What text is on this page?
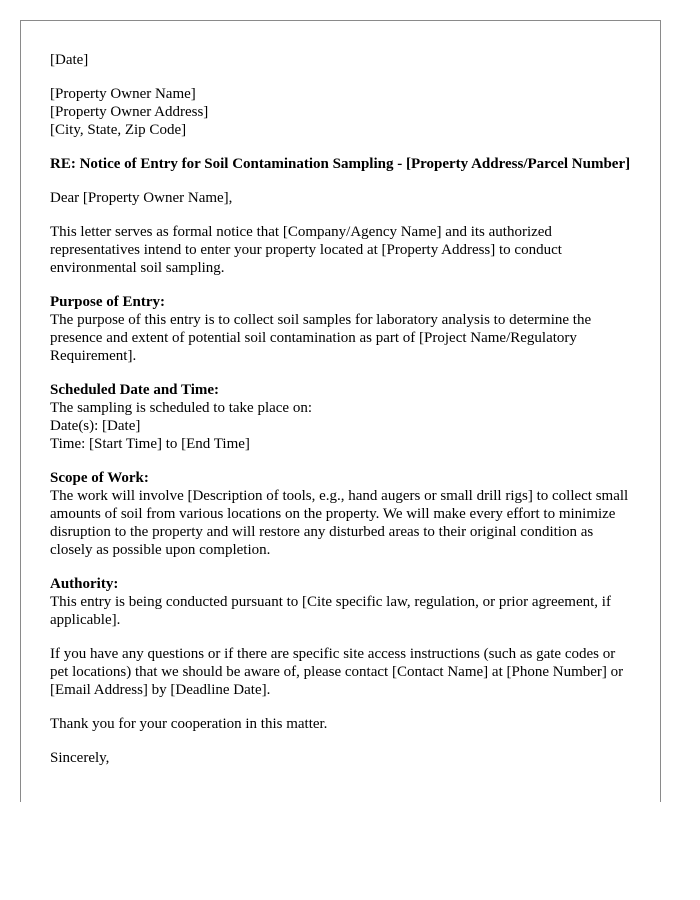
[Date]

[Property Owner Name]
[Property Owner Address]
[City, State, Zip Code]

RE: Notice of Entry for Soil Contamination Sampling - [Property Address/Parcel Number]

Dear [Property Owner Name],

This letter serves as formal notice that [Company/Agency Name] and its authorized representatives intend to enter your property located at [Property Address] to conduct environmental soil sampling.

Purpose of Entry:
The purpose of this entry is to collect soil samples for laboratory analysis to determine the presence and extent of potential soil contamination as part of [Project Name/Regulatory Requirement].

Scheduled Date and Time:
The sampling is scheduled to take place on:
Date(s): [Date]
Time: [Start Time] to [End Time]

Scope of Work:
The work will involve [Description of tools, e.g., hand augers or small drill rigs] to collect small amounts of soil from various locations on the property. We will make every effort to minimize disruption to the property and will restore any disturbed areas to their original condition as closely as possible upon completion.

Authority:
This entry is being conducted pursuant to [Cite specific law, regulation, or prior agreement, if applicable].

If you have any questions or if there are specific site access instructions (such as gate codes or pet locations) that we should be aware of, please contact [Contact Name] at [Phone Number] or [Email Address] by [Deadline Date].

Thank you for your cooperation in this matter.

Sincerely,
